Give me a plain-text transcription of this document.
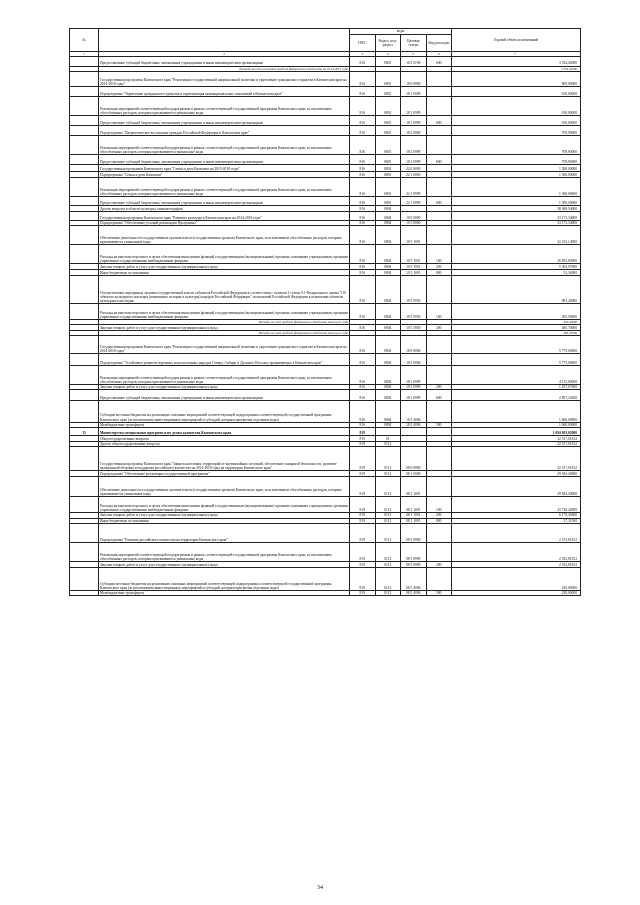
№		коды				Годовой объем ассигнований
		ГРБС	Раздел, под-раздел	Целевая статья	Вид расходов	
1	2	3	4	5	6	7
	Предоставление субсидий бюджетным, автономным учреждениям и иным некоммерческим организациям	816	0801	10 5 5190	600	3 334,45000
	Расходы за счет остатков средств федерального бюджета на 01.01.2015 года					3 334,45000
	Государственная программа Камчатского края "Реализация государственной национальной политики и укрепление гражданского единства в Камчатском крае на 2014-2018 годы"	816	0801	18 0 0000		809,90000
	Подпрограмма "Укрепление гражданского единства и гармонизация межнациональных отношений в Камчатском крае"	816	0801	18 1 0000		100,00000
	Реализация мероприятий соответствующей подпрограммы в рамках соответствующей государственной программы Камчатского края, за исключением обособленных расходов, которым присваиваются уникальные коды	816	0801	18 1 0999		100,00000
	Предоставление субсидий бюджетным, автономным учреждениям и иным некоммерческим организациям	816	0801	18 1 0999	600	100,00000
	Подпрограмма "Патриотическое воспитание граждан Российской Федерации в Камчатском крае"	816	0801	18 2 0000		709,90000
	Реализация мероприятий соответствующей подпрограммы в рамках соответствующей государственной программы Камчатского края, за исключением обособленных расходов, которым присваиваются уникальные коды	816	0801	18 2 0999		709,90000
	Предоставление субсидий бюджетным, автономным учреждениям и иным некоммерческим организациям	816	0801	18 2 0999	600	709,90000
	Государственная программа Камчатского края "Семья и дети Камчатки на 2015-2018 годы"	816	0801	22 0 0000		1 300,00000
	Подпрограмма "Семья и дети Камчатки"	816	0801	22 1 0000		1 300,00000
	Реализация мероприятий соответствующей подпрограммы в рамках соответствующей государственной программы Камчатского края, за исключением обособленных расходов, которым присваиваются уникальные коды	816	0801	22 1 0999		1 300,00000
	Предоставление субсидий бюджетным, автономным учреждениям и иным некоммерческим организациям	816	0801	22 1 0999	600	1 300,00000
	Другие вопросы в области культуры, кинематографии	816	0804			38 948,54000
	Государственная программа Камчатского края "Развитие культуры в Камчатском крае на 2014-2018 годы"	816	0804	10 0 0000		33 173,34000
	Подпрограмма "Обеспечение условий реализации Программы"	816	0804	10 5 0000		33 173,34000
	Обеспечение деятельности государственных органов власти (государственных органов) Камчатского края, за исключением обособленных расходов, которым присваиваются уникальные коды	816	0804	10 5 1001		32 192,14000
	Расходы на выплаты персоналу в целях обеспечения выполнения функций государственными (муниципальными) органами, казенными учреждениями, органами управления государственными внебюджетными фондами	816	0804	10 5 1001	100	26 835,83000
	Закупка товаров, работ и услуг для государственных (муниципальных) нужд	816	0804	10 5 1001	200	5 303,97000
	Иные бюджетные ассигнования	816	0804	10 5 1001	800	52,34000
	Осуществление переданных органам государственной власти субъектов Российской Федерации в соответствии с пунктом 1 статьи 9.1 Федерального закона "Об объектах культурного наследия (памятниках истории и культуры) народов Российской Федерации" полномочий Российской Федерации в отношении объектов культурного наследия	816	0804	10 5 5950		981,20000
	Расходы на выплаты персоналу в целях обеспечения выполнения функций государственными (муниципальными) органами, казенными учреждениями, органами управления государственными внебюджетными фондами	816	0804	10 5 5950	100	495,50000
	Расходы за счет средств федерального бюджета текущего года					495,50000
	Закупка товаров, работ и услуг для государственных (муниципальных) нужд	816	0804	10 5 5950	200	485,70000
	Расходы за счет средств федерального бюджета текущего года					485,70000
	Государственная программа Камчатского края "Реализация государственной национальной политики и укрепление гражданского единства в Камчатском крае на 2014-2018 годы"	816	0804	18 0 0000		5 775,00000
	Подпрограмма "Устойчивое развитие коренных малочисленных народов Севера, Сибири и Дальнего Востока, проживающих в Камчатском крае"	816	0804	18 3 0000		5 775,00000
	Реализация мероприятий соответствующей подпрограммы в рамках соответствующей государственной программы Камчатского края, за исключением обособленных расходов, которым присваиваются уникальные коды	816	0804	18 3 0999		4 115,00000
	Закупка товаров, работ и услуг для государственных (муниципальных) нужд	816	0804	18 3 0999	200	1 257,67600
	Предоставление субсидий бюджетным, автономным учреждениям и иным некоммерческим организациям	816	0804	18 3 0999	600	2 857,32400
	Субсидии местным бюджетам на реализацию основных мероприятий соответствующей подпрограммы соответствующей государственной программы Камчатского края (за исключением инвестиционных мероприятий и субсидий, которым присвоены отдельные коды)	816	0804	18 3 4006		1 660,00000
	Межбюджетные трансферты	816	0804	18 3 4006	500	1 660,00000
15	Министерство специальных программ и по делам казачества Камчатского края	819				1 094 693,02000
	Общегосударственные вопросы	819	01			32 517,01812
	Другие общегосударственные вопросы	819	0113			32 517,01812
	Государственная программа Камчатского края "Защита населения, территорий от чрезвычайных ситуаций, обеспечение пожарной безопасности, развитие гражданской обороны и поддержка российского казачества на 2014-2018 годы на территории Камчатского края"	819	0113	08 0 0000		32 517,01812
	Подпрограмма "Обеспечение реализации государственной программы"	819	0113	08 1 0000		29 943,20000
	Обеспечение деятельности государственных органов власти (государственных органов) Камчатского края, за исключением обособленных расходов, которым присваиваются уникальные коды	819	0113	08 1 1001		29 943,20000
	Расходы на выплаты персоналу в целях обеспечения выполнения функций государственными (муниципальными) органами, казенными учреждениями, органами управления государственными внебюджетными фондами	819	0113	08 1 1001	100	23 726,42900
	Закупка товаров, работ и услуг для государственных (муниципальных) нужд	819	0113	08 1 1001	200	6 179,45600
	Иные бюджетные ассигнования	819	0113	08 1 1001	800	37,31500
	Подпрограмма "Развитие российского казачества на территории Камчатского края"	819	0113	08 5 0000		2 573,81812
	Реализация мероприятий соответствующей подпрограммы в рамках соответствующей государственной программы Камчатского края, за исключением обособленных расходов, которым присваиваются уникальные коды	819	0113	08 5 0999		2 353,81812
	Закупка товаров, работ и услуг для государственных (муниципальных) нужд	819	0113	08 5 0999	200	2 353,81812
	Субсидии местным бюджетам на реализацию основных мероприятий соответствующей подпрограммы соответствующей государственной программы Камчатского края (за исключением инвестиционных мероприятий и субсидий, которым присвоены отдельные коды)	819	0113	08 5 4006		220,00000
	Межбюджетные трансферты	819	0113	08 5 4006	500	220,00000
34
